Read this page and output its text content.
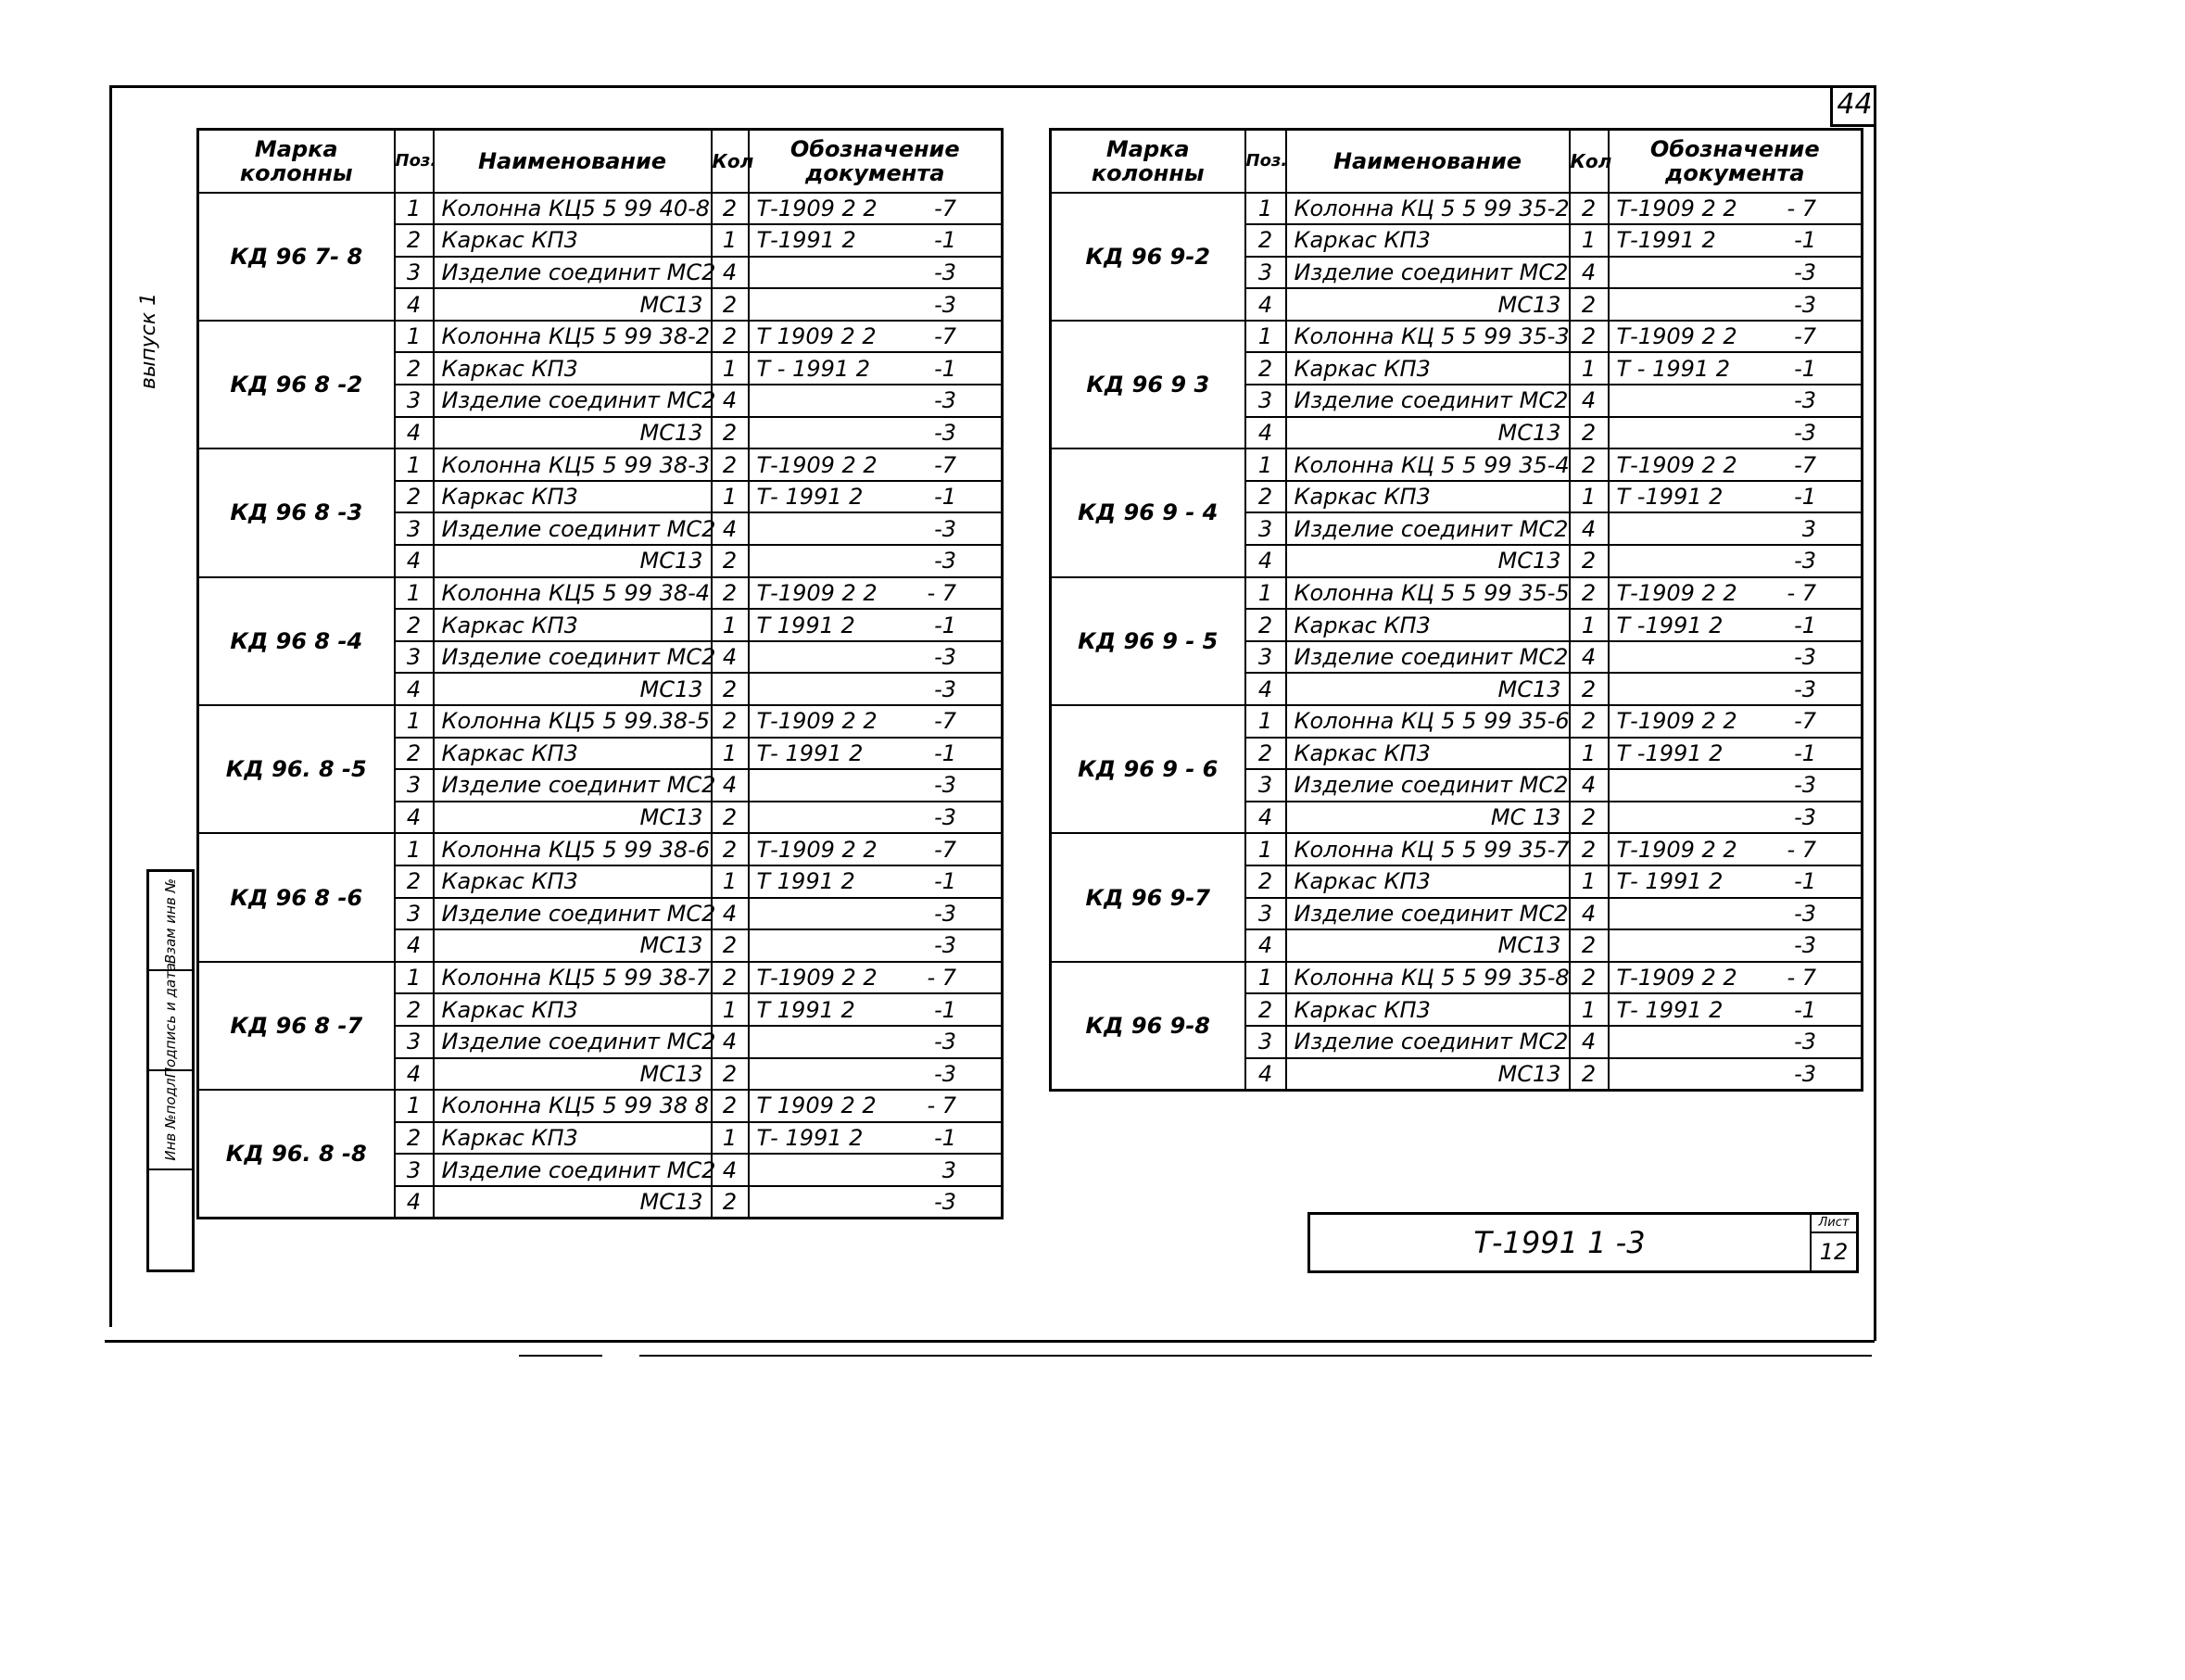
44
выпуск 1
Взам инв №
Подпись и дата
Инв №подл
Марка колонны	Поз.	Наименование	Кол	Обозначение документа
КД 96 7- 8	1	Колонна КЦ5 5 99 40-8	2	Т-1909 2 2 -7

	2	Каркас КП3	1	Т-1991 2 -1

	3	Изделие соединит МС2	4	-3

	4	МС13	2	-3

КД 96 8 -2	1	Колонна КЦ5 5 99 38-2	2	Т 1909 2 2 -7

	2	Каркас КП3	1	Т - 1991 2 -1

	3	Изделие соединит МС2	4	-3

	4	МС13	2	-3

КД 96 8 -3	1	Колонна КЦ5 5 99 38-3	2	Т-1909 2 2 -7

	2	Каркас КП3	1	Т- 1991 2 -1

	3	Изделие соединит МС2	4	-3

	4	МС13	2	-3

КД 96 8 -4	1	Колонна КЦ5 5 99 38-4	2	Т-1909 2 2 - 7

	2	Каркас КП3	1	Т 1991 2 -1

	3	Изделие соединит МС2	4	-3

	4	МС13	2	-3

КД 96. 8 -5	1	Колонна КЦ5 5 99.38-5	2	Т-1909 2 2 -7

	2	Каркас КП3	1	Т- 1991 2 -1

	3	Изделие соединит МС2	4	-3

	4	МС13	2	-3

КД 96 8 -6	1	Колонна КЦ5 5 99 38-6	2	Т-1909 2 2 -7

	2	Каркас КП3	1	Т 1991 2 -1

	3	Изделие соединит МС2	4	-3

	4	МС13	2	-3

КД 96 8 -7	1	Колонна КЦ5 5 99 38-7	2	Т-1909 2 2 - 7

	2	Каркас КП3	1	Т 1991 2 -1

	3	Изделие соединит МС2	4	-3

	4	МС13	2	-3

КД 96. 8 -8	1	Колонна КЦ5 5 99 38 8	2	Т 1909 2 2 - 7

	2	Каркас КП3	1	Т- 1991 2 -1

	3	Изделие соединит МС2	4	3

	4	МС13	2	-3
Марка колонны	Поз.	Наименование	Кол	Обозначение документа
КД 96 9-2	1	Колонна КЦ 5 5 99 35-2	2	Т-1909 2 2 - 7

	2	Каркас КП3	1	Т-1991 2 -1

	3	Изделие соединит МС2	4	-3

	4	МС13	2	-3

КД 96 9 3	1	Колонна КЦ 5 5 99 35-3	2	Т-1909 2 2 -7

	2	Каркас КП3	1	Т - 1991 2 -1

	3	Изделие соединит МС2	4	-3

	4	МС13	2	-3

КД 96 9 - 4	1	Колонна КЦ 5 5 99 35-4	2	Т-1909 2 2 -7

	2	Каркас КП3	1	Т -1991 2 -1

	3	Изделие соединит МС2	4	3

	4	МС13	2	-3

КД 96 9 - 5	1	Колонна КЦ 5 5 99 35-5	2	Т-1909 2 2 - 7

	2	Каркас КП3	1	Т -1991 2 -1

	3	Изделие соединит МС2	4	-3

	4	МС13	2	-3

КД 96 9 - 6	1	Колонна КЦ 5 5 99 35-6	2	Т-1909 2 2 -7

	2	Каркас КП3	1	Т -1991 2 -1

	3	Изделие соединит МС2	4	-3

	4	МС 13	2	-3

КД 96 9-7	1	Колонна КЦ 5 5 99 35-7	2	Т-1909 2 2 - 7

	2	Каркас КП3	1	Т- 1991 2 -1

	3	Изделие соединит МС2	4	-3

	4	МС13	2	-3

КД 96 9-8	1	Колонна КЦ 5 5 99 35-8	2	Т-1909 2 2 - 7

	2	Каркас КП3	1	Т- 1991 2 -1

	3	Изделие соединит МС2	4	-3

	4	МС13	2	-3
Т-1991 1 -3
Лист
12
